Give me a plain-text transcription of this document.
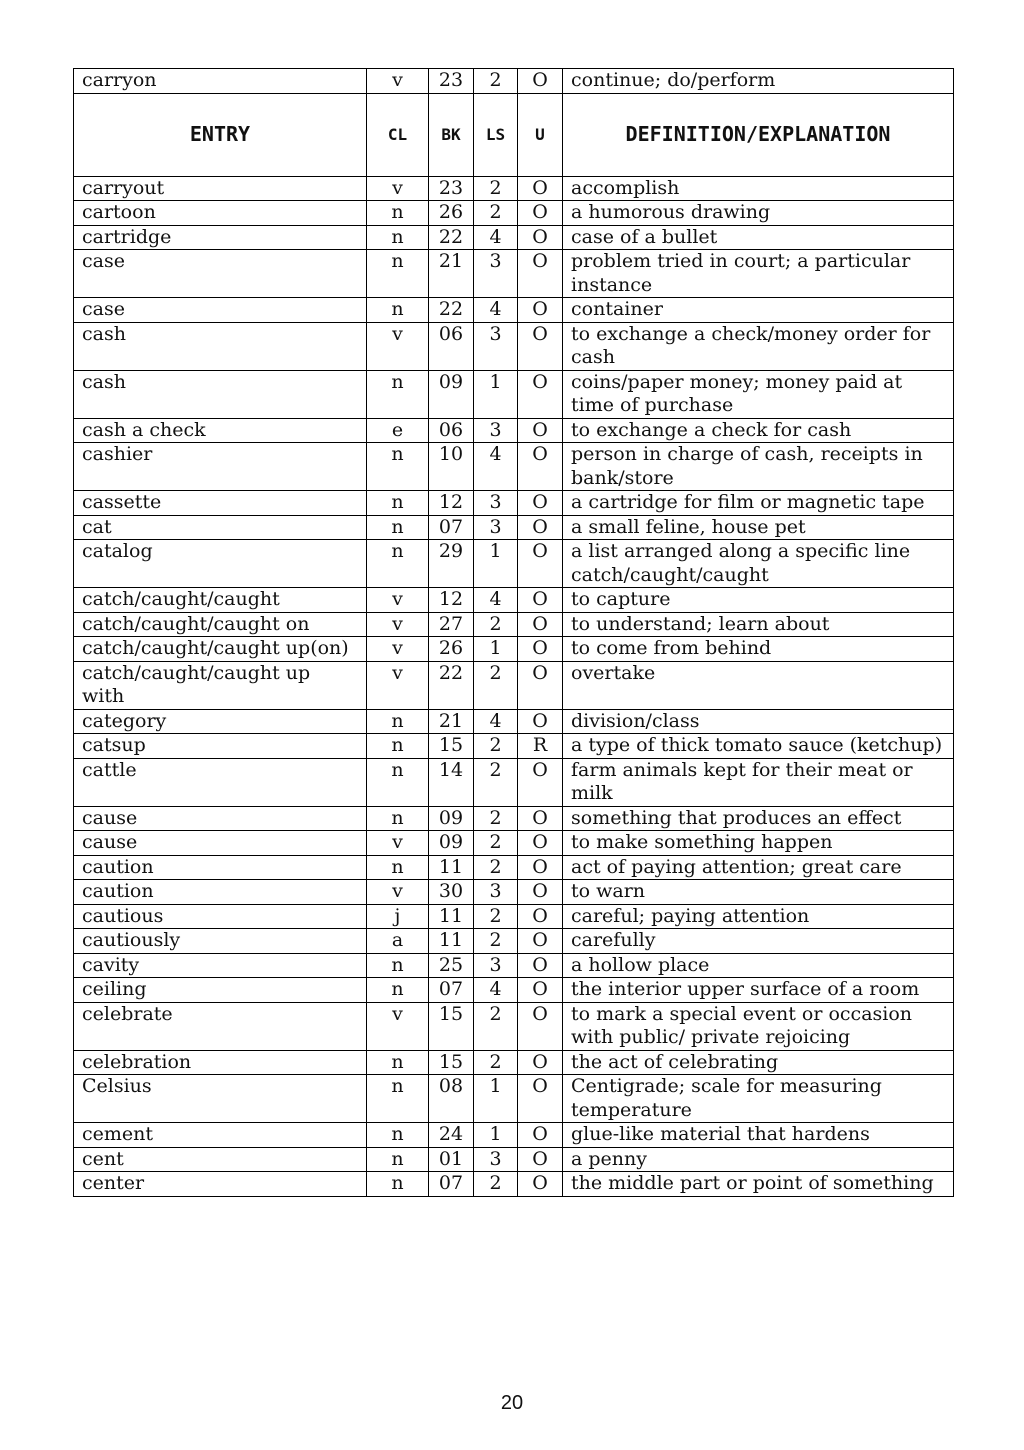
carryon	v	23	2	O	continue; do/perform
ENTRY	CL	BK	LS	U	DEFINITION/EXPLANATION
carryout	v	23	2	O	accomplish
cartoon	n	26	2	O	a humorous drawing
cartridge	n	22	4	O	case of a bullet
case	n	21	3	O	problem tried in court; a particular instance
case	n	22	4	O	container
cash	v	06	3	O	to exchange a check/money order for cash
cash	n	09	1	O	coins/paper money; money paid at time of purchase
cash a check	e	06	3	O	to exchange a check for cash
cashier	n	10	4	O	person in charge of cash, receipts in bank/store
cassette	n	12	3	O	a cartridge for film or magnetic tape
cat	n	07	3	O	a small feline, house pet
catalog	n	29	1	O	a list arranged along a specific line catch/caught/caught
catch/caught/caught	v	12	4	O	to capture
catch/caught/caught on	v	27	2	O	to understand; learn about
catch/caught/caught up(on)	v	26	1	O	to come from behind
catch/caught/caught up with	v	22	2	O	overtake
category	n	21	4	O	division/class
catsup	n	15	2	R	a type of thick tomato sauce (ketchup)
cattle	n	14	2	O	farm animals kept for their meat or milk
cause	n	09	2	O	something that produces an effect
cause	v	09	2	O	to make something happen
caution	n	11	2	O	act of paying attention; great care
caution	v	30	3	O	to warn
cautious	j	11	2	O	careful; paying attention
cautiously	a	11	2	O	carefully
cavity	n	25	3	O	a hollow place
ceiling	n	07	4	O	the interior upper surface of a room
celebrate	v	15	2	O	to mark a special event or occasion with public/ private rejoicing
celebration	n	15	2	O	the act of celebrating
Celsius	n	08	1	O	Centigrade; scale for measuring temperature
cement	n	24	1	O	glue-like material that hardens
cent	n	01	3	O	a penny
center	n	07	2	O	the middle part or point of something
20
